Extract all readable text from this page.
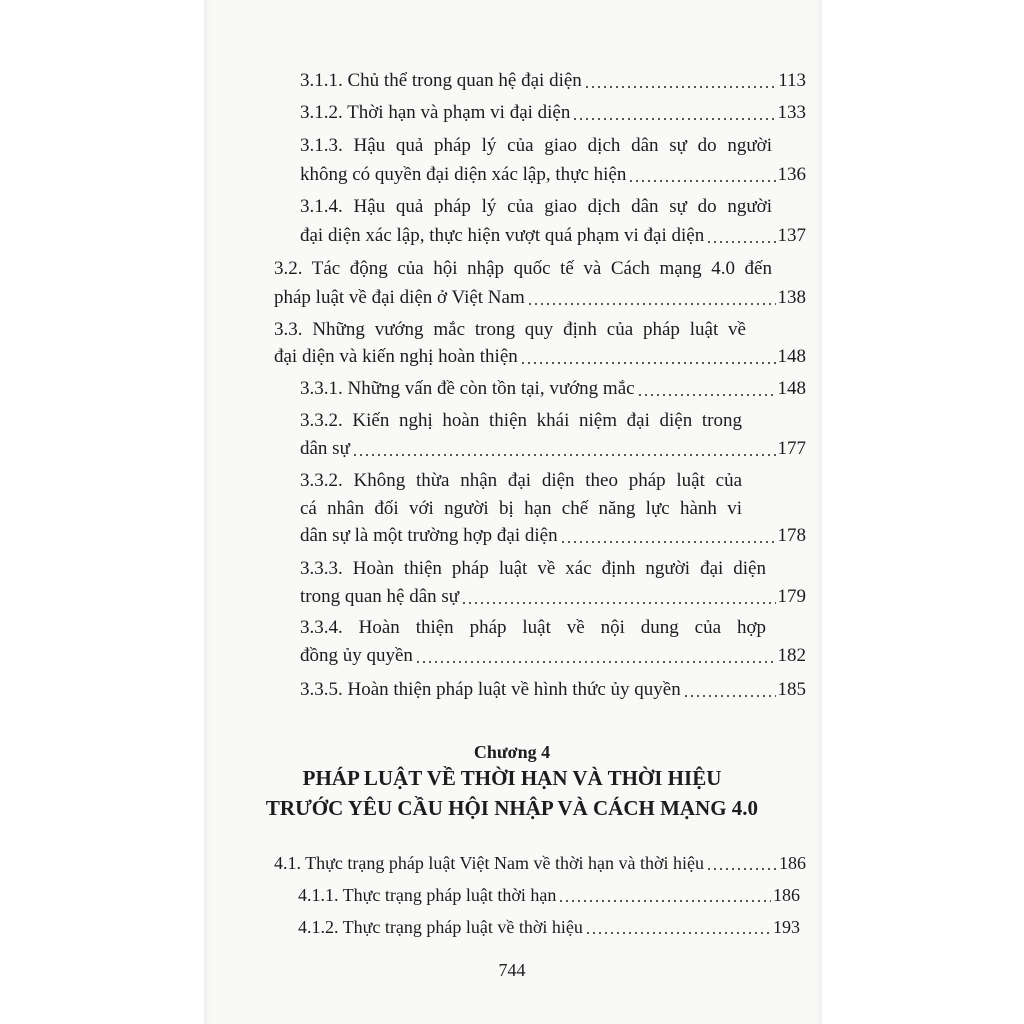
3.1.1. Chủ thể trong quan hệ đại diện	113
3.1.2. Thời hạn và phạm vi đại diện	133
3.1.3. Hậu quả pháp lý của giao dịch dân sự do người
không có quyền đại diện xác lập, thực hiện	136
3.1.4. Hậu quả pháp lý của giao dịch dân sự do người
đại diện xác lập, thực hiện vượt quá phạm vi đại diện	137
3.2. Tác động của hội nhập quốc tế và Cách mạng 4.0 đến
pháp luật về đại diện ở Việt Nam	138
3.3. Những vướng mắc trong quy định của pháp luật về
đại diện và kiến nghị hoàn thiện	148
3.3.1. Những vấn đề còn tồn tại, vướng mắc	148
3.3.2. Kiến nghị hoàn thiện khái niệm đại diện trong
dân sự	177
3.3.2. Không thừa nhận đại diện theo pháp luật của
cá nhân đối với người bị hạn chế năng lực hành vi
dân sự là một trường hợp đại diện	178
3.3.3. Hoàn thiện pháp luật về xác định người đại diện
trong quan hệ dân sự	179
3.3.4. Hoàn thiện pháp luật về nội dung của hợp
đồng ủy quyền	182
3.3.5. Hoàn thiện pháp luật về hình thức ủy quyền	185
Chương 4
PHÁP LUẬT VỀ THỜI HẠN VÀ THỜI HIỆU
TRƯỚC YÊU CẦU HỘI NHẬP VÀ CÁCH MẠNG 4.0
4.1. Thực trạng pháp luật Việt Nam về thời hạn và thời hiệu	186
4.1.1. Thực trạng pháp luật thời hạn	186
4.1.2. Thực trạng pháp luật về thời hiệu	193
744
